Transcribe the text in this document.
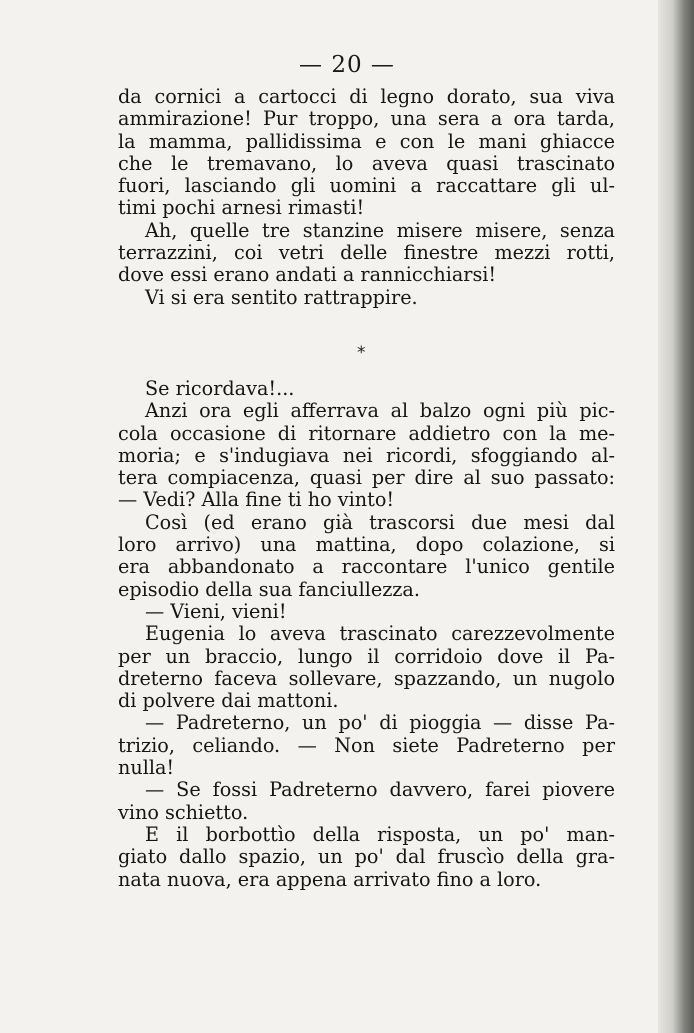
— 20 —
da cornici a cartocci di legno dorato, sua viva
ammirazione! Pur troppo, una sera a ora tarda,
la mamma, pallidissima e con le mani ghiacce
che le tremavano, lo aveva quasi trascinato
fuori, lasciando gli uomini a raccattare gli ul-
timi pochi arnesi rimasti!
Ah, quelle tre stanzine misere misere, senza
terrazzini, coi vetri delle finestre mezzi rotti,
dove essi erano andati a rannicchiarsi!
Vi si era sentito rattrappire.
*
Se ricordava!...
Anzi ora egli afferrava al balzo ogni più pic-
cola occasione di ritornare addietro con la me-
moria; e s'indugiava nei ricordi, sfoggiando al-
tera compiacenza, quasi per dire al suo passato:
— Vedi? Alla fine ti ho vinto!
Così (ed erano già trascorsi due mesi dal
loro arrivo) una mattina, dopo colazione, si
era abbandonato a raccontare l'unico gentile
episodio della sua fanciullezza.
— Vieni, vieni!
Eugenia lo aveva trascinato carezzevolmente
per un braccio, lungo il corridoio dove il Pa-
dreterno faceva sollevare, spazzando, un nugolo
di polvere dai mattoni.
— Padreterno, un po' di pioggia — disse Pa-
trizio, celiando. — Non siete Padreterno per
nulla!
— Se fossi Padreterno davvero, farei piovere
vino schietto.
E il borbottìo della risposta, un po' man-
giato dallo spazio, un po' dal fruscìo della gra-
nata nuova, era appena arrivato fino a loro.
